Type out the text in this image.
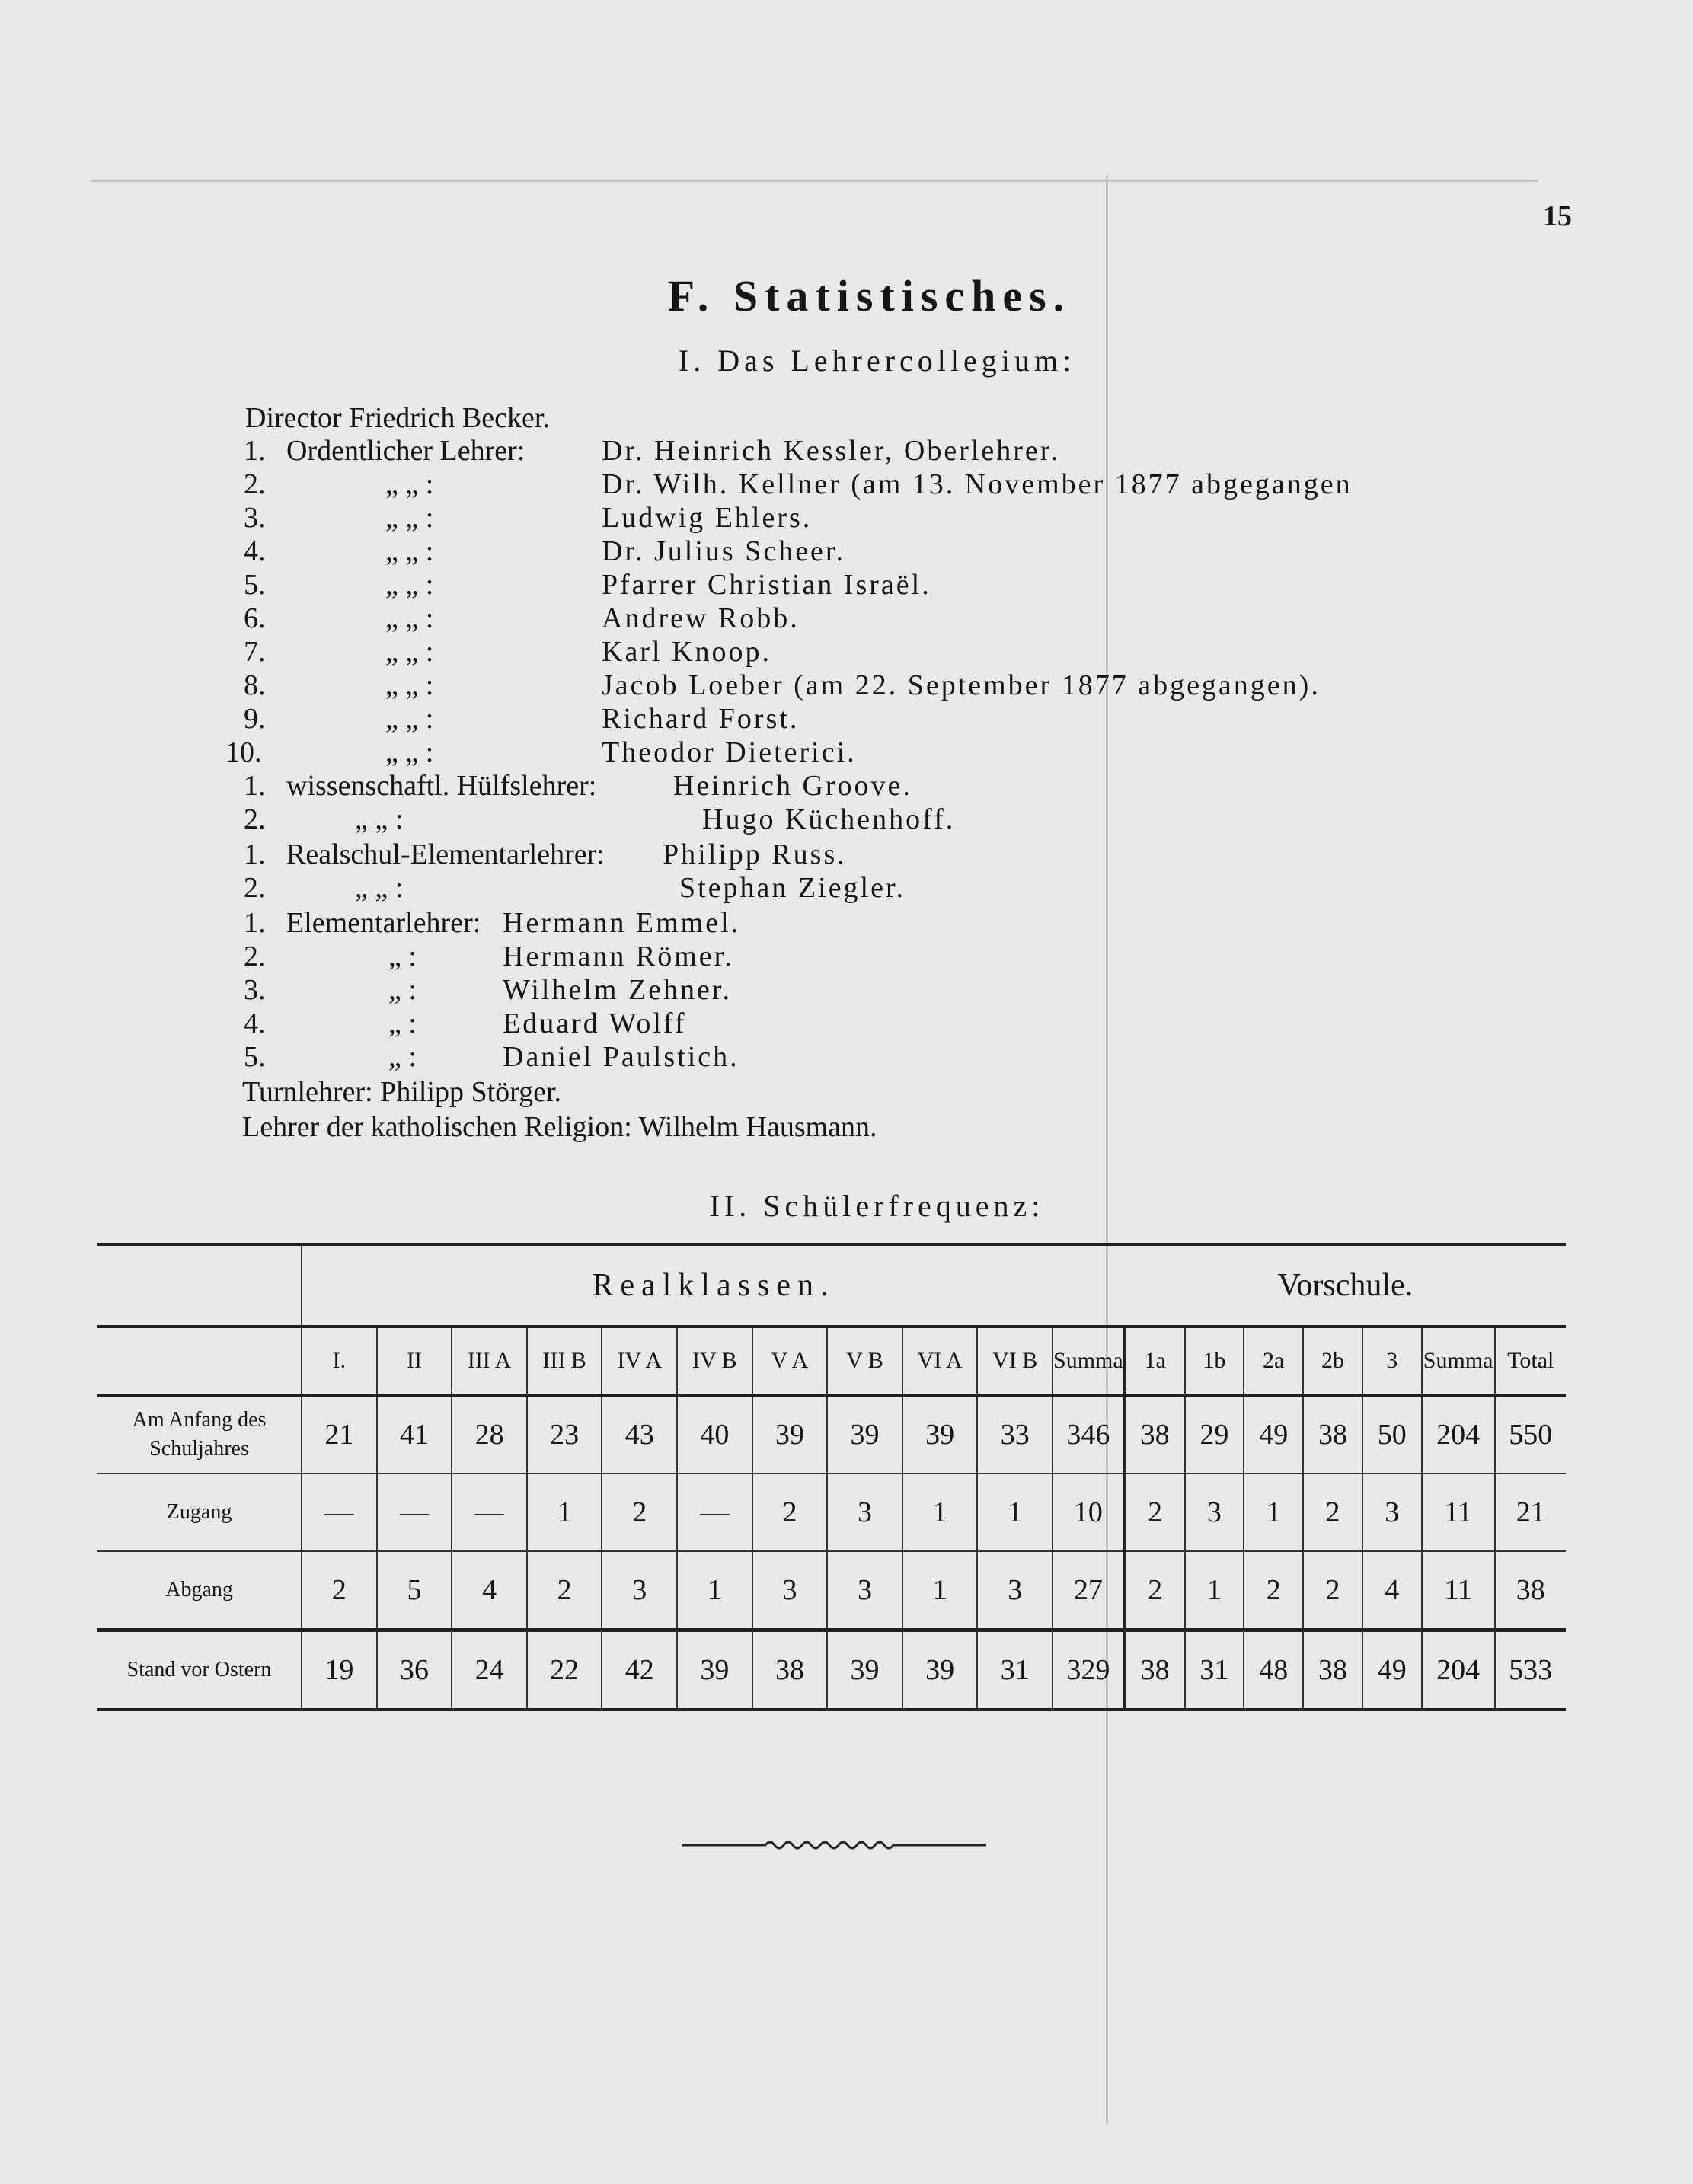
15
F. Statistisches.
I. Das Lehrercollegium:
Director Friedrich Becker.
1. Ordentlicher Lehrer:	Dr. Heinrich Kessler, Oberlehrer.
2.	„ „ :	Dr. Wilh. Kellner (am 13. November 1877 abgegangen
3.	„ „ :	Ludwig Ehlers.
4.	„ „ :	Dr. Julius Scheer.
5.	„ „ :	Pfarrer Christian Israël.
6.	„ „ :	Andrew Robb.
7.	„ „ :	Karl Knoop.
8.	„ „ :	Jacob Loeber (am 22. September 1877 abgegangen).
9.	„ „ :	Richard Forst.
10.	„ „ :	Theodor Dieterici.
1. wissenschaftl. Hülfslehrer:	Heinrich Groove.
2.	„ „ :	Hugo Küchenhoff.
1. Realschul-Elementarlehrer: Philipp Russ.
2.	„ „ :	Stephan Ziegler.
1. Elementarlehrer: Hermann Emmel.
2.	„ :	Hermann Römer.
3.	„ :	Wilhelm Zehner.
4.	„ :	Eduard Wolff
5.	„ :	Daniel Paulstich.
Turnlehrer: Philipp Störger.
Lehrer der katholischen Religion: Wilhelm Hausmann.
II. Schülerfrequenz:
	Realklassen.											Vorschule.						
	I.	II	III A	III B	IV A	IV B	V A	V B	VI A	VI B	Summa	1a	1b	2a	2b	3	Summa	Total
Am Anfang des Schuljahres	21	41	28	23	43	40	39	39	39	33	346	38	29	49	38	50	204	550
Zugang	—	—	—	1	2	—	2	3	1	1	10	2	3	1	2	3	11	21
Abgang	2	5	4	2	3	1	3	3	1	3	27	2	1	2	2	4	11	38
Stand vor Ostern	19	36	24	22	42	39	38	39	39	31	329	38	31	48	38	49	204	533
